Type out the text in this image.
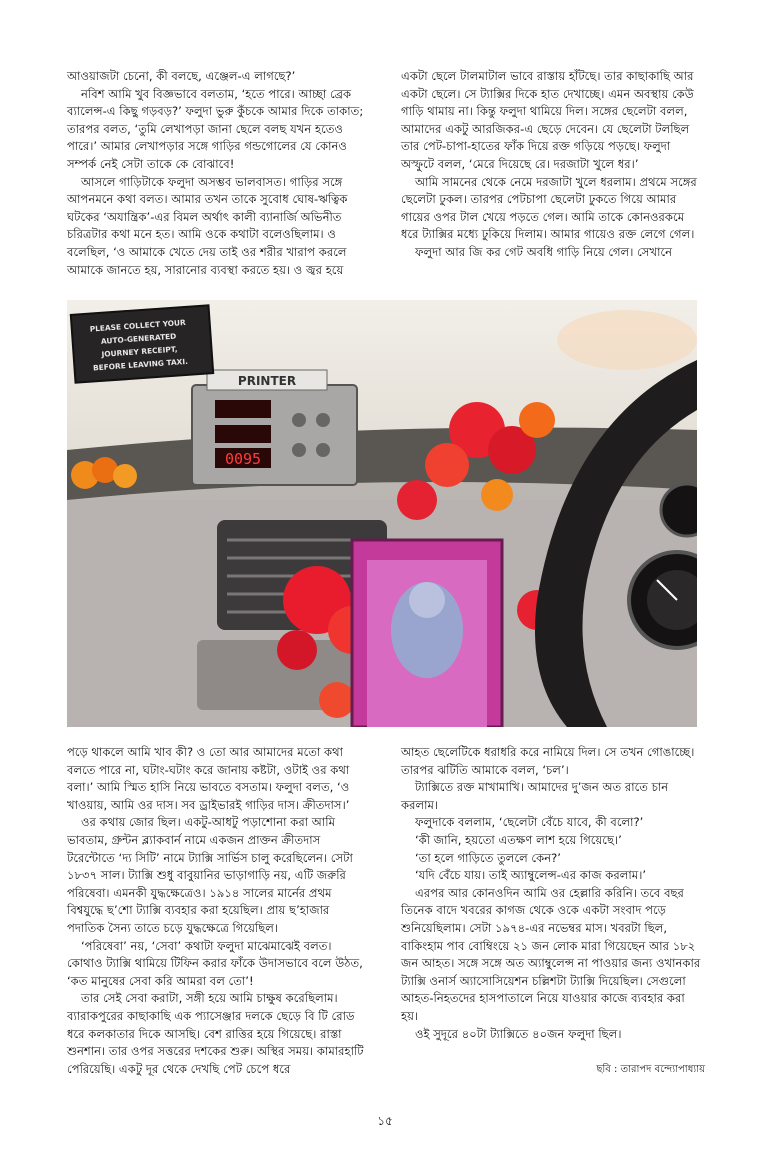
আওয়াজটা চেনো, কী বলছে, এঞ্জেল-এ লাগছে?’

নবিশ আমি খুব বিজ্ঞভাবে বলতাম, ‘হতে পারে। আচ্ছা ব্রেক ব্যালেন্স-এ কিছু গড়বড়?’ ফলুদা ভুরু কুঁচকে আমার দিকে তাকাত; তারপর বলত, ‘তুমি লেখাপড়া জানা ছেলে বলছ যখন হতেও পারে।’ আমার লেখাপড়ার সঙ্গে গাড়ির গন্ডগোলের যে কোনও সম্পর্ক নেই সেটা তাকে কে বোঝাবে!

আসলে গাড়িটাকে ফলুদা অসম্ভব ভালবাসত। গাড়ির সঙ্গে আপনমনে কথা বলত। আমার তখন তাকে সুবোধ ঘোষ-ঋত্বিক ঘটকের ‘অযান্ত্রিক’-এর বিমল অর্থাৎ কালী ব্যানার্জি অভিনীত চরিত্রটার কথা মনে হত। আমি ওকে কথাটা বলেওছিলাম। ও বলেছিল, ‘ও আমাকে খেতে দেয় তাই ওর শরীর খারাপ করলে আমাকে জানতে হয়, সারানোর ব্যবস্থা করতে হয়। ও জ্বর হয়ে

একটা ছেলে টালমাটাল ভাবে রাস্তায় হাঁটছে। তার কাছাকাছি আর একটা ছেলে। সে ট্যাক্সির দিকে হাত দেখাচ্ছে। এমন অবস্থায় কেউ গাড়ি থামায় না। কিন্তু ফলুদা থামিয়ে দিল। সঙ্গের ছেলেটা বলল, আমাদের একটু আরজিকর-এ ছেড়ে দেবেন। যে ছেলেটা টলছিল তার পেট-চাপা-হাতের ফাঁক দিয়ে রক্ত গড়িয়ে পড়ছে। ফলুদা অস্ফুটে বলল, ‘মেরে দিয়েছে রে। দরজাটা খুলে ধর।’

আমি সামনের থেকে নেমে দরজাটা খুলে ধরলাম। প্রথমে সঙ্গের ছেলেটা ঢুকল। তারপর পেটচাপা ছেলেটা ঢুকতে গিয়ে আমার গায়ের ওপর টাল খেয়ে পড়তে গেল। আমি তাকে কোনওরকমে ধরে ট্যাক্সির মধ্যে ঢুকিয়ে দিলাম। আমার গায়েও রক্ত লেগে গেল।

ফলুদা আর জি কর গেট অবধি গাড়ি নিয়ে গেল। সেখানে

PRINTER
0095
PLEASE COLLECT YOUR
AUTO-GENERATED
JOURNEY RECEIPT,
BEFORE LEAVING TAXI.

পড়ে থাকলে আমি খাব কী? ও তো আর আমাদের মতো কথা বলতে পারে না, ঘটাং-ঘটাং করে জানায় কষ্টটা, ওটাই ওর কথা বলা।’ আমি স্মিত হাসি নিয়ে ভাবতে বসতাম। ফলুদা বলত, ‘ও খাওয়ায়, আমি ওর দাস। সব ড্রাইভারই গাড়ির দাস। ক্রীতদাস।’

ওর কথায় জোর ছিল। একটু-আধটু পড়াশোনা করা আমি ভাবতাম, গ্রুন্টন ব্ল্যাকবার্ন নামে একজন প্রাক্তন ক্রীতদাস টরেন্টোতে ‘দ্য সিটি’ নামে ট্যাক্সি সার্ভিস চালু করেছিলেন। সেটা ১৮৩৭ সাল। ট্যাক্সি শুধু বাবুয়ানির ভাড়াগাড়ি নয়, এটি জরুরি পরিষেবা। এমনকী যুদ্ধক্ষেত্রেও। ১৯১৪ সালের মার্নের প্রথম বিশ্বযুদ্ধে ছ’শো ট্যাক্সি ব্যবহার করা হয়েছিল। প্রায় ছ’হাজার পদাতিক সৈন্য তাতে চড়ে যুদ্ধক্ষেত্রে গিয়েছিল।

‘পরিষেবা’ নয়, ‘সেবা’ কথাটা ফলুদা মাঝেমাঝেই বলত। কোথাও ট্যাক্সি থামিয়ে টিফিন করার ফাঁকে উদাসভাবে বলে উঠত, ‘কত মানুষের সেবা করি আমরা বল তো’!

তার সেই সেবা করাটা, সঙ্গী হয়ে আমি চাক্ষুষ করেছিলাম। ব্যারাকপুরের কাছাকাছি এক প্যাসেঞ্জার দলকে ছেড়ে বি টি রোড ধরে কলকাতার দিকে আসছি। বেশ রাত্তির হয়ে গিয়েছে। রাস্তা শুনশান। তার ওপর সত্তরের দশকের শুরু। অস্থির সময়। কামারহাটি পেরিয়েছি। একটু দূর থেকে দেখছি পেট চেপে ধরে

আহত ছেলেটিকে ধরাধরি করে নামিয়ে দিল। সে তখন গোঙাচ্ছে। তারপর ঝটিতি আমাকে বলল, ‘চল’।

ট্যাক্সিতে রক্ত মাখামাখি। আমাদের দু’জন অত রাতে চান করলাম।

ফলুদাকে বললাম, ‘ছেলেটা বেঁচে যাবে, কী বলো?’

‘কী জানি, হয়তো এতক্ষণ লাশ হয়ে গিয়েছে।’

‘তা হলে গাড়িতে তুললে কেন?’

‘যদি বেঁচে যায়। তাই অ্যাম্বুলেন্স-এর কাজ করলাম।’

এরপর আর কোনওদিন আমি ওর হেল্লারি করিনি। তবে বছর তিনেক বাদে খবরের কাগজ থেকে ওকে একটা সংবাদ পড়ে শুনিয়েছিলাম। সেটা ১৯৭৪-এর নভেম্বর মাস। খবরটা ছিল, বাকিংহাম পাব বোম্বিংয়ে ২১ জন লোক মারা গিয়েছেন আর ১৮২ জন আহত। সঙ্গে সঙ্গে অত অ্যাম্বুলেন্স না পাওয়ার জন্য ওখানকার ট্যাক্সি ওনার্স অ্যাসোসিয়েশন চল্লিশটা ট্যাক্সি দিয়েছিল। সেগুলো আহত-নিহতদের হাসপাতালে নিয়ে যাওয়ার কাজে ব্যবহার করা হয়।

ওই সুদূরে ৪০টা ট্যাক্সিতে ৪০জন ফলুদা ছিল।

ছবি : তারাপদ বন্দ্যোপাধ্যায়
১৫
